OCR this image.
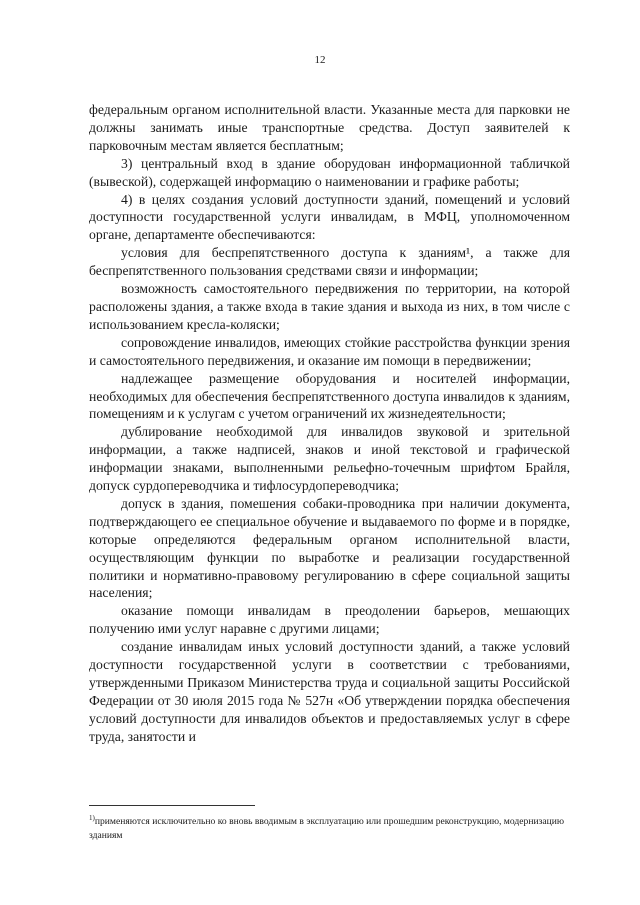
12

федеральным органом исполнительной власти. Указанные места для парковки не должны занимать иные транспортные средства. Доступ заявителей к парковочным местам является бесплатным;

3) центральный вход в здание оборудован информационной табличкой (вывеской), содержащей информацию о наименовании и графике работы;

4) в целях создания условий доступности зданий, помещений и условий доступности государственной услуги инвалидам, в МФЦ, уполномоченном органе, департаменте обеспечиваются:

условия для беспрепятственного доступа к зданиям¹, а также для беспрепятственного пользования средствами связи и информации;

возможность самостоятельного передвижения по территории, на которой расположены здания, а также входа в такие здания и выхода из них, в том числе с использованием кресла-коляски;

сопровождение инвалидов, имеющих стойкие расстройства функции зрения и самостоятельного передвижения, и оказание им помощи в передвижении;

надлежащее размещение оборудования и носителей информации, необходимых для обеспечения беспрепятственного доступа инвалидов к зданиям, помещениям и к услугам с учетом ограничений их жизнедеятельности;

дублирование необходимой для инвалидов звуковой и зрительной информации, а также надписей, знаков и иной текстовой и графической информации знаками, выполненными рельефно-точечным шрифтом Брайля, допуск сурдопереводчика и тифлосурдопереводчика;

допуск в здания, помешения собаки-проводника при наличии документа, подтверждающего ее специальное обучение и выдаваемого по форме и в порядке, которые определяются федеральным органом исполнительной власти, осуществляющим функции по выработке и реализации государственной политики и нормативно-правовому регулированию в сфере социальной защиты населения;

оказание помощи инвалидам в преодолении барьеров, мешающих получению ими услуг наравне с другими лицами;

создание инвалидам иных условий доступности зданий, а также условий доступности государственной услуги в соответствии с требованиями, утвержденными Приказом Министерства труда и социальной защиты Российской Федерации от 30 июля 2015 года № 527н «Об утверждении порядка обеспечения условий доступности для инвалидов объектов и предоставляемых услуг в сфере труда, занятости и

$^{1)}$применяются исключительно ко вновь вводимым в эксплуатацию или прошедшим реконструкцию, модернизацию зданиям
